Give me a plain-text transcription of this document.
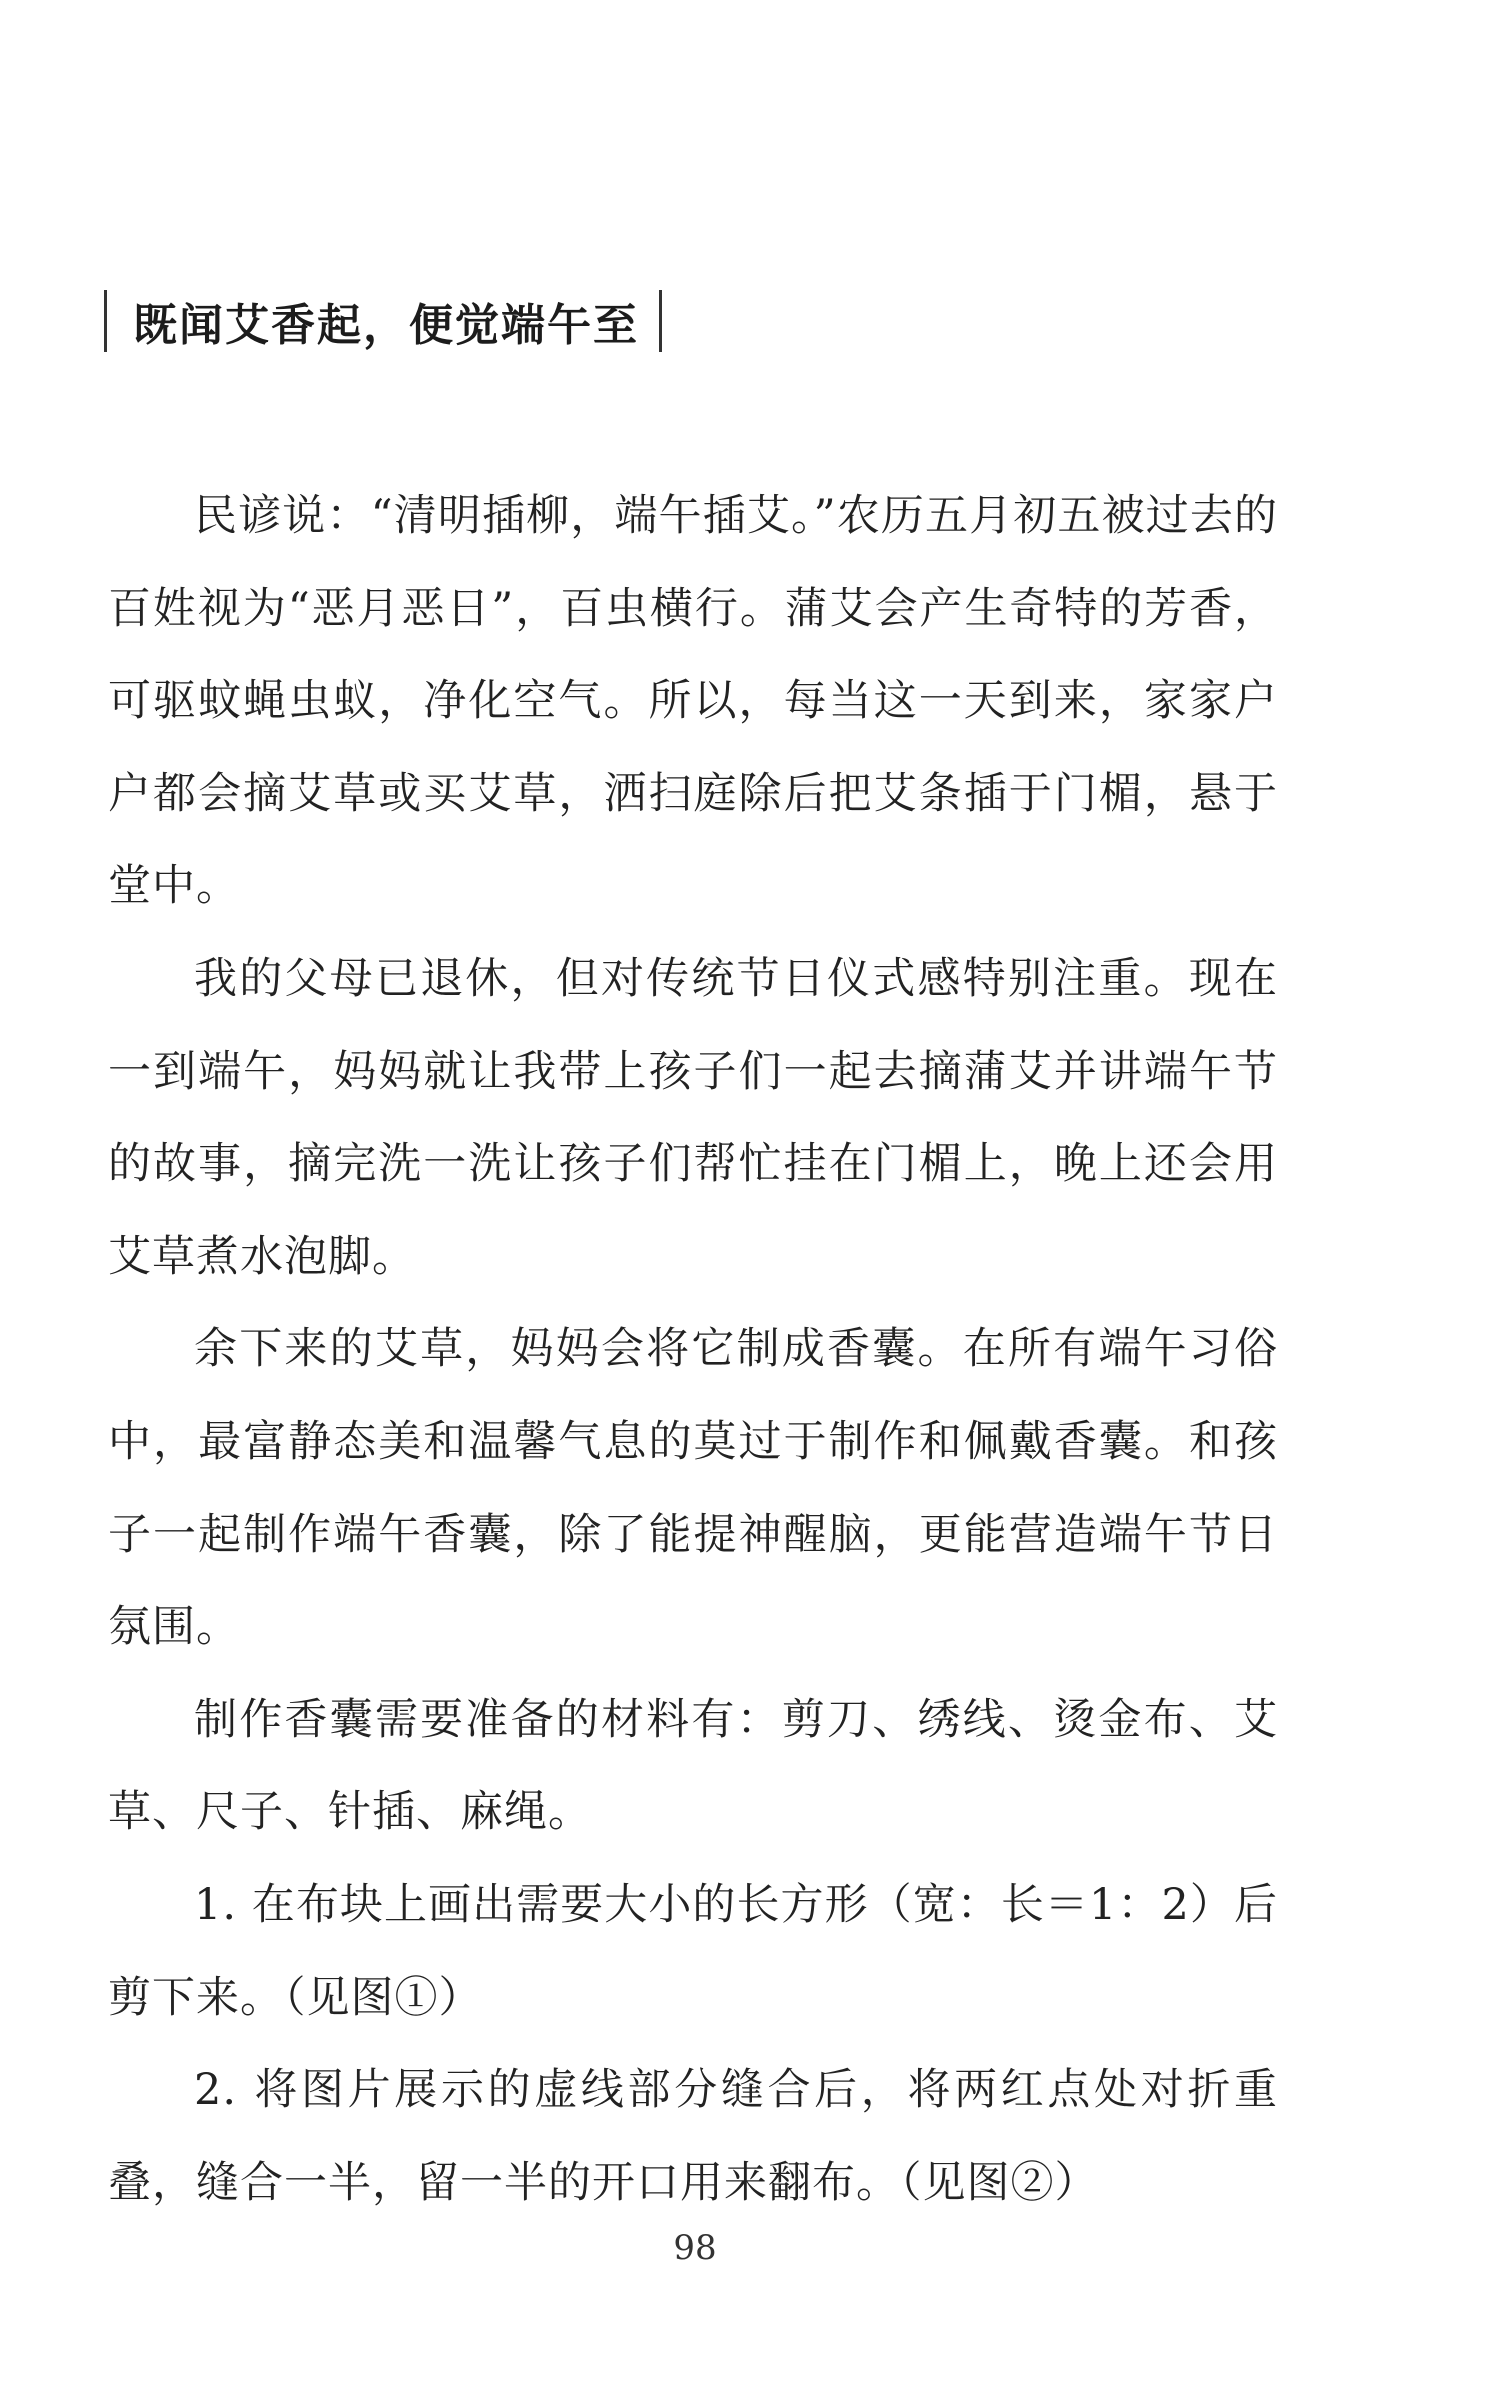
既闻艾香起，便觉端午至

民谚说：“清明插柳，端午插艾。”农历五月初五被过去的百姓视为“恶月恶日”，百虫横行。蒲艾会产生奇特的芳香，可驱蚊蝇虫蚁，净化空气。所以，每当这一天到来，家家户户都会摘艾草或买艾草，洒扫庭除后把艾条插于门楣，悬于堂中。

我的父母已退休，但对传统节日仪式感特别注重。现在一到端午，妈妈就让我带上孩子们一起去摘蒲艾并讲端午节的故事，摘完洗一洗让孩子们帮忙挂在门楣上，晚上还会用艾草煮水泡脚。

余下来的艾草，妈妈会将它制成香囊。在所有端午习俗中，最富静态美和温馨气息的莫过于制作和佩戴香囊。和孩子一起制作端午香囊，除了能提神醒脑，更能营造端午节日氛围。

制作香囊需要准备的材料有：剪刀、绣线、烫金布、艾草、尺子、针插、麻绳。

1. 在布块上画出需要大小的长方形（宽：长＝1：2）后剪下来。（见图①）

2. 将图片展示的虚线部分缝合后，将两红点处对折重叠，缝合一半，留一半的开口用来翻布。（见图②）

98
